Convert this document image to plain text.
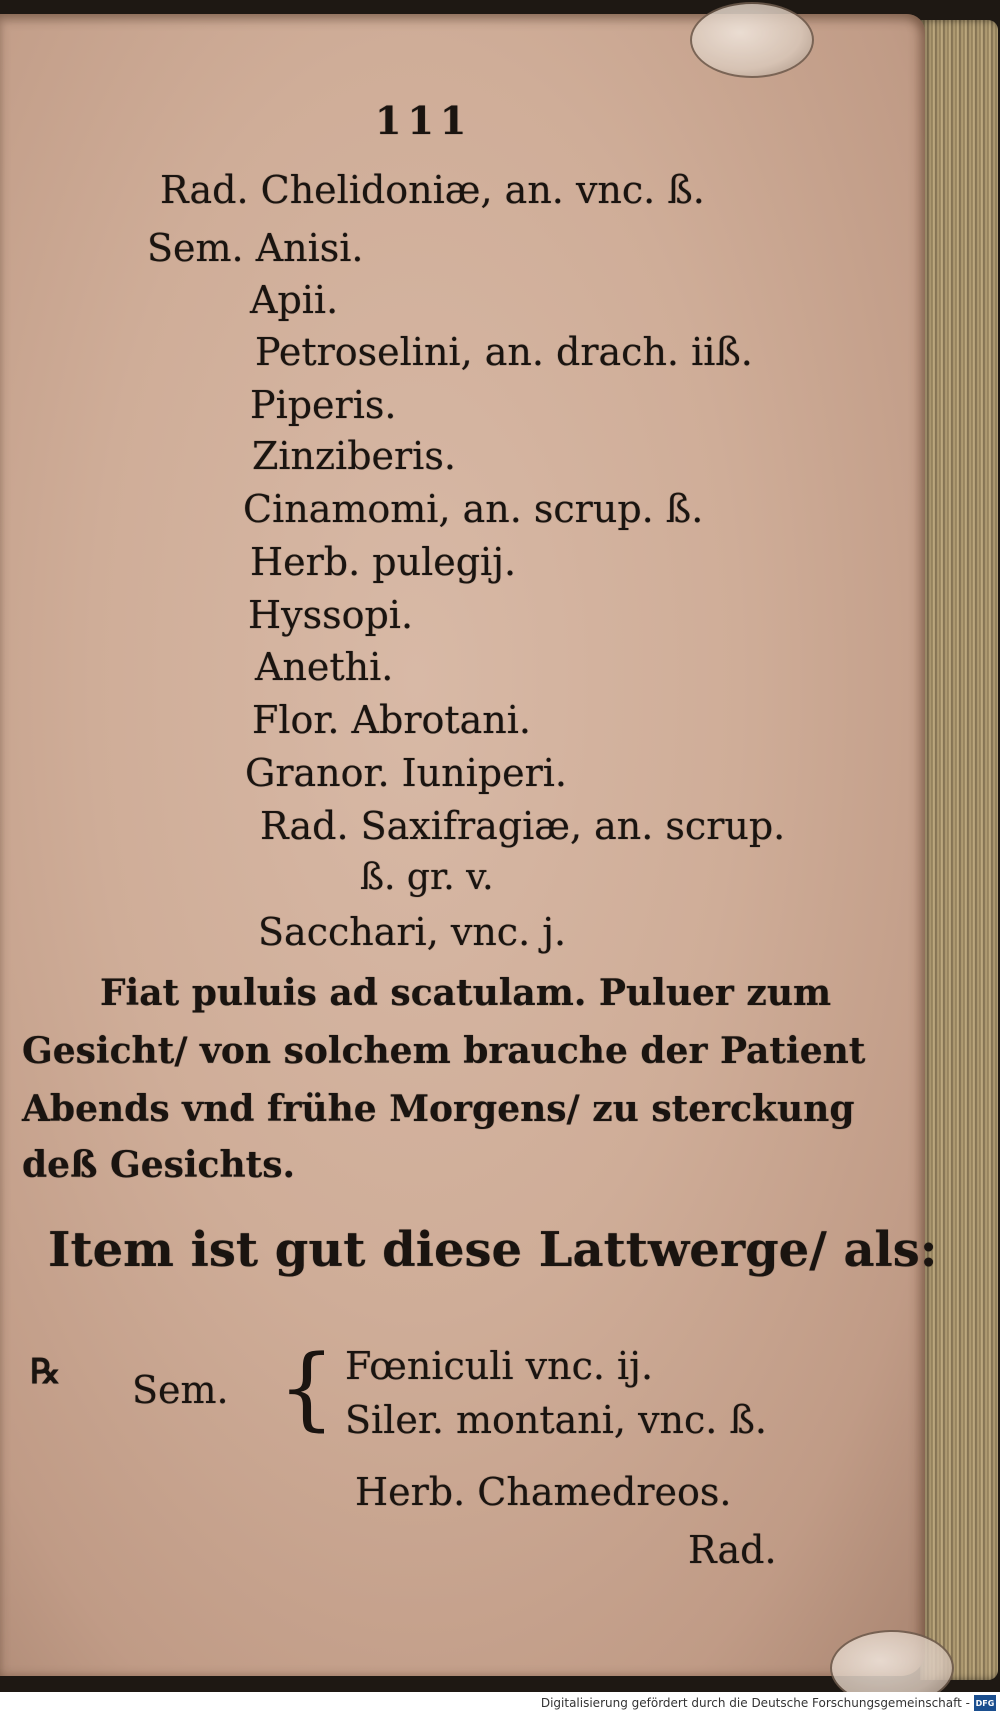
111
Rad. Chelidoniæ, an. vnc. ß.
Sem. Anisi.
Apii.
Petroselini, an. drach. iiß.
Piperis.
Zinziberis.
Cinamomi, an. scrup. ß.
Herb. pulegij.
Hyssopi.
Anethi.
Flor. Abrotani.
Granor. Iuniperi.
Rad. Saxifragiæ, an. scrup.
ß. gr. v.
Sacchari, vnc. j.
Fiat puluis ad scatulam. Puluer zum
Gesicht/ von solchem brauche der Patient
Abends vnd frühe Morgens/ zu sterckung
deß Gesichts.
Item ist gut diese Lattwerge/ als:
℞ Sem. { Fœniculi vnc. ij.
Siler. montani, vnc. ß.
Herb. Chamedreos.
Rad.
Digitalisierung gefördert durch die Deutsche Forschungsgemeinschaft - DFG
